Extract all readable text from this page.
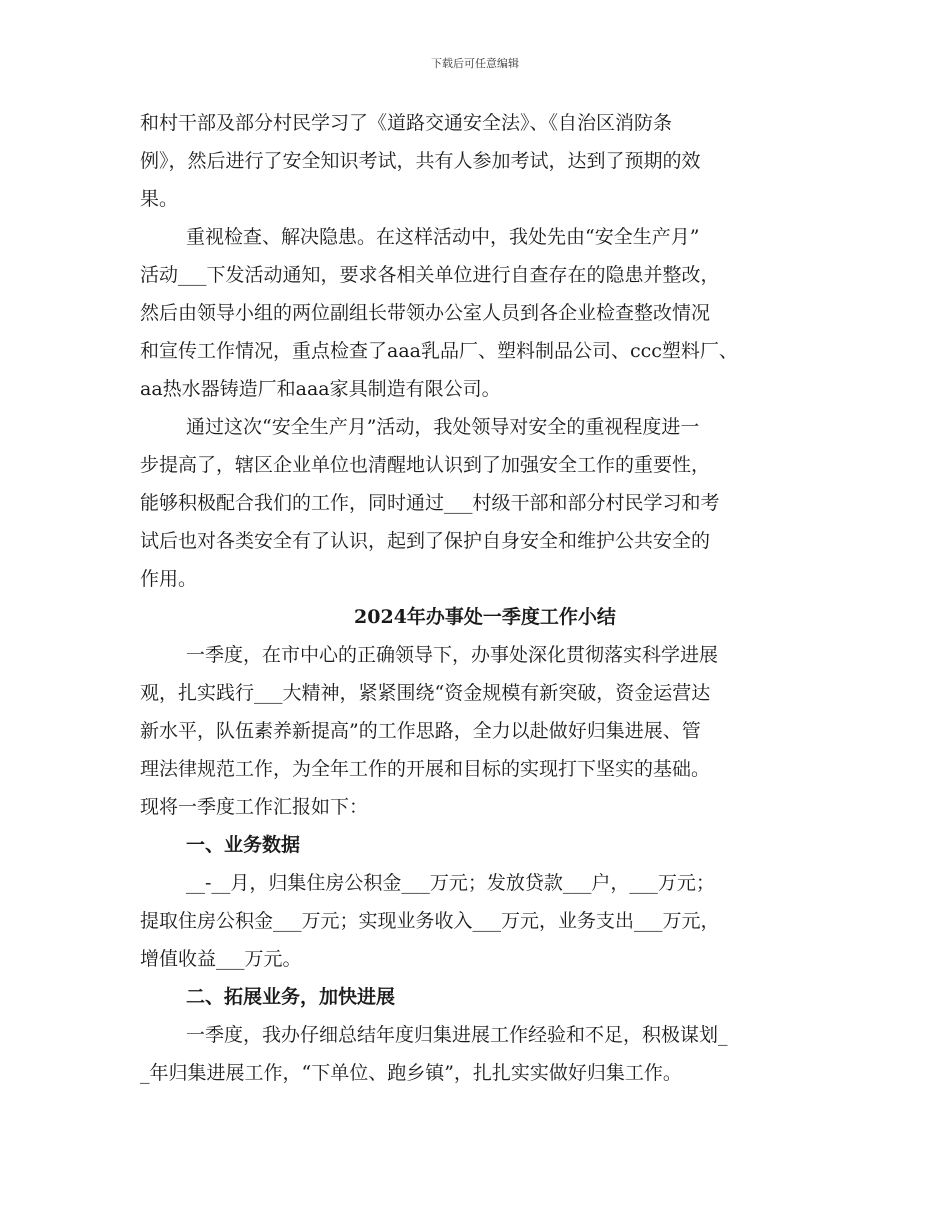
下载后可任意编辑
和村干部及部分村民学习了《道路交通安全法》、《自治区消防条
例》，然后进行了安全知识考试，共有人参加考试，达到了预期的效
果。
重视检查、解决隐患。在这样活动中，我处先由“安全生产月”
活动___下发活动通知，要求各相关单位进行自查存在的隐患并整改，
然后由领导小组的两位副组长带领办公室人员到各企业检查整改情况
和宣传工作情况，重点检查了aaa乳品厂、塑料制品公司、ccc塑料厂、
aa热水器铸造厂和aaa家具制造有限公司。
通过这次“安全生产月”活动，我处领导对安全的重视程度进一
步提高了，辖区企业单位也清醒地认识到了加强安全工作的重要性，
能够积极配合我们的工作，同时通过___村级干部和部分村民学习和考
试后也对各类安全有了认识，起到了保护自身安全和维护公共安全的
作用。
2024年办事处一季度工作小结
一季度，在市中心的正确领导下，办事处深化贯彻落实科学进展
观，扎实践行___大精神，紧紧围绕“资金规模有新突破，资金运营达
新水平，队伍素养新提高”的工作思路，全力以赴做好归集进展、管
理法律规范工作，为全年工作的开展和目标的实现打下坚实的基础。
现将一季度工作汇报如下：
一、业务数据
__-__月，归集住房公积金___万元；发放贷款___户，___万元；
提取住房公积金___万元；实现业务收入___万元，业务支出___万元，
增值收益___万元。
二、拓展业务，加快进展
一季度，我办仔细总结年度归集进展工作经验和不足，积极谋划_
_年归集进展工作，“下单位、跑乡镇”，扎扎实实做好归集工作。
